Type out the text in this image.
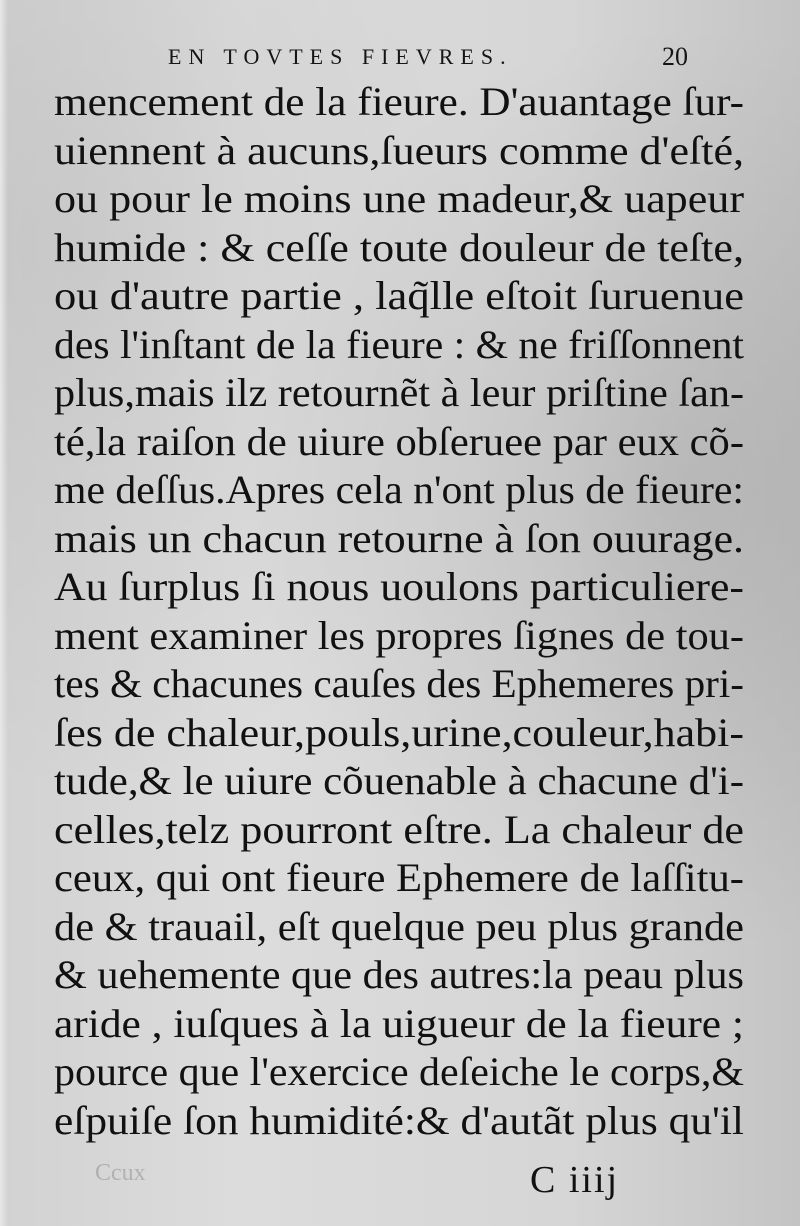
EN TOVTES FIEVRES.	20
mencement de la fieure. D'auantage ſur-
uiennent à aucuns,ſueurs comme d'eſté,
ou pour le moins une madeur,& uapeur
humide : & ceſſe toute douleur de teſte,
ou d'autre partie , laq̃lle eſtoit ſuruenue
des l'inſtant de la fieure : & ne friſſonnent
plus,mais ilz retournẽt à leur priſtine ſan-
té,la raiſon de uiure obſeruee par eux cõ-
me deſſus.Apres cela n'ont plus de fieure:
mais un chacun retourne à ſon ouurage.
Au ſurplus ſi nous uoulons particuliere-
ment examiner les propres ſignes de tou-
tes & chacunes cauſes des Ephemeres pri-
ſes de chaleur,pouls,urine,couleur,habi-
tude,& le uiure cõuenable à chacune d'i-
celles,telz pourront eſtre. La chaleur de
ceux, qui ont fieure Ephemere de laſſitu-
de & trauail, eſt quelque peu plus grande
& uehemente que des autres:la peau plus
aride , iuſques à la uigueur de la fieure ;
pource que l'exercice deſeiche le corps,&
eſpuiſe ſon humidité:& d'autãt plus qu'il
Ccux	C iiij
